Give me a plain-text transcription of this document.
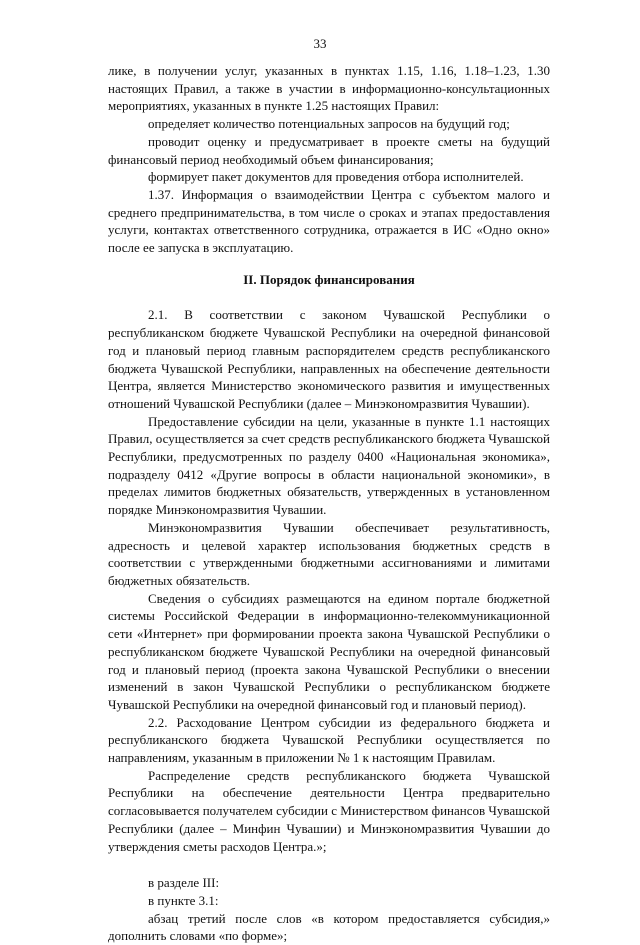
33

лике, в получении услуг, указанных в пунктах 1.15, 1.16, 1.18–1.23, 1.30 настоящих Правил, а также в участии в информационно-консультационных мероприятиях, указанных в пункте 1.25 настоящих Правил:

определяет количество потенциальных запросов на будущий год;

проводит оценку и предусматривает в проекте сметы на будущий финансовый период необходимый объем финансирования;

формирует пакет документов для проведения отбора исполнителей.

1.37. Информация о взаимодействии Центра с субъектом малого и среднего предпринимательства, в том числе о сроках и этапах предоставления услуги, контактах ответственного сотрудника, отражается в ИС «Одно окно» после ее запуска в эксплуатацию.

II. Порядок финансирования

2.1. В соответствии с законом Чувашской Республики о республиканском бюджете Чувашской Республики на очередной финансовой год и плановый период главным распорядителем средств республиканского бюджета Чувашской Республики, направленных на обеспечение деятельности Центра, является Министерство экономического развития и имущественных отношений Чувашской Республики (далее – Минэкономразвития Чувашии).

Предоставление субсидии на цели, указанные в пункте 1.1 настоящих Правил, осуществляется за счет средств республиканского бюджета Чувашской Республики, предусмотренных по разделу 0400 «Национальная экономика», подразделу 0412 «Другие вопросы в области национальной экономики», в пределах лимитов бюджетных обязательств, утвержденных в установленном порядке Минэкономразвития Чувашии.

Минэкономразвития Чувашии обеспечивает результативность, адресность и целевой характер использования бюджетных средств в соответствии с утвержденными бюджетными ассигнованиями и лимитами бюджетных обязательств.

Сведения о субсидиях размещаются на едином портале бюджетной системы Российской Федерации в информационно-телекоммуникационной сети «Интернет» при формировании проекта закона Чувашской Республики о республиканском бюджете Чувашской Республики на очередной финансовый год и плановый период (проекта закона Чувашской Республики о внесении изменений в закон Чувашской Республики о республиканском бюджете Чувашской Республики на очередной финансовый год и плановый период).

2.2. Расходование Центром субсидии из федерального бюджета и республиканского бюджета Чувашской Республики осуществляется по направлениям, указанным в приложении № 1 к настоящим Правилам.

Распределение средств республиканского бюджета Чувашской Республики на обеспечение деятельности Центра предварительно согласовывается получателем субсидии с Министерством финансов Чувашской Республики (далее – Минфин Чувашии) и Минэкономразвития Чувашии до утверждения сметы расходов Центра.»;

в разделе III:

в пункте 3.1:

абзац третий после слов «в котором предоставляется субсидия,» дополнить словами «по форме»;
